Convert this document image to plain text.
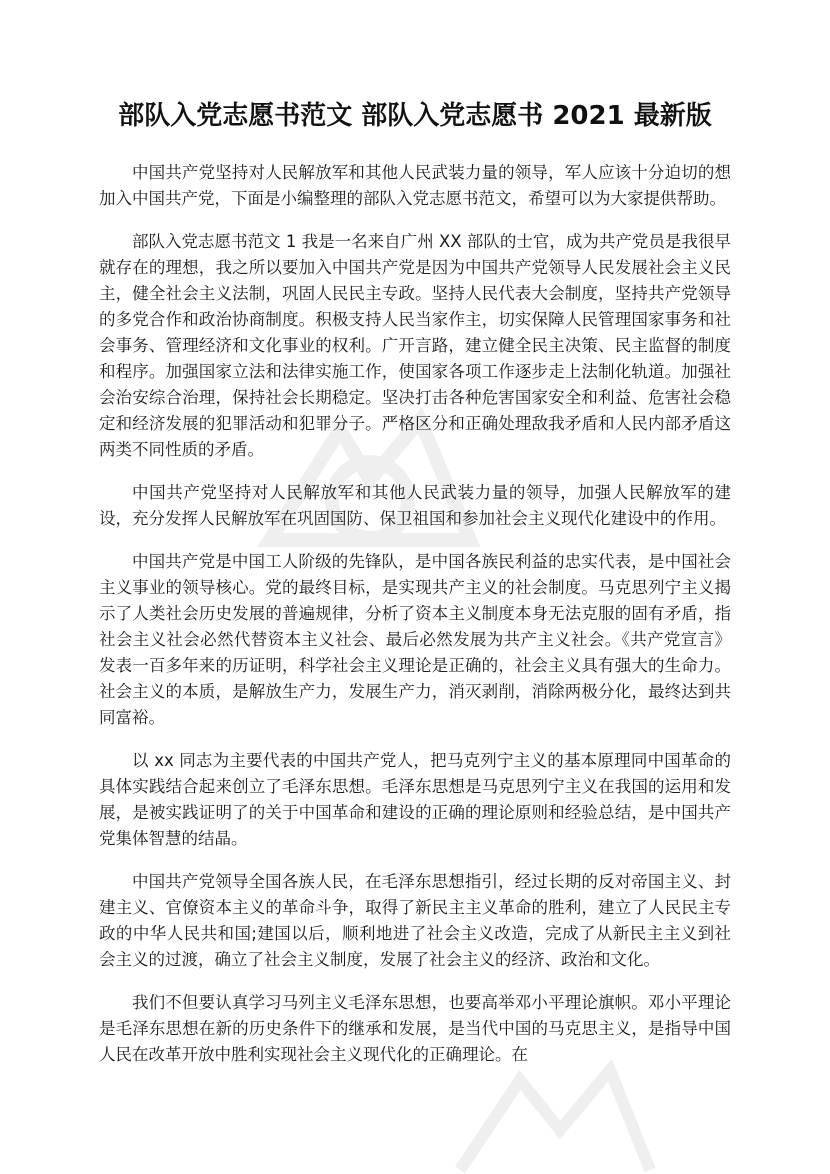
部队入党志愿书范文 部队入党志愿书 2021 最新版

中国共产党坚持对人民解放军和其他人民武装力量的领导，军人应该十分迫切的想加入中国共产党，下面是小编整理的部队入党志愿书范文，希望可以为大家提供帮助。

部队入党志愿书范文 1 我是一名来自广州 XX 部队的士官，成为共产党员是我很早就存在的理想，我之所以要加入中国共产党是因为中国共产党领导人民发展社会主义民主，健全社会主义法制，巩固人民民主专政。坚持人民代表大会制度，坚持共产党领导的多党合作和政治协商制度。积极支持人民当家作主，切实保障人民管理国家事务和社会事务、管理经济和文化事业的权利。广开言路，建立健全民主决策、民主监督的制度和程序。加强国家立法和法律实施工作，使国家各项工作逐步走上法制化轨道。加强社会治安综合治理，保持社会长期稳定。坚决打击各种危害国家安全和利益、危害社会稳定和经济发展的犯罪活动和犯罪分子。严格区分和正确处理敌我矛盾和人民内部矛盾这两类不同性质的矛盾。

中国共产党坚持对人民解放军和其他人民武装力量的领导，加强人民解放军的建设，充分发挥人民解放军在巩固国防、保卫祖国和参加社会主义现代化建设中的作用。

中国共产党是中国工人阶级的先锋队，是中国各族民利益的忠实代表，是中国社会主义事业的领导核心。党的最终目标，是实现共产主义的社会制度。马克思列宁主义揭示了人类社会历史发展的普遍规律，分析了资本主义制度本身无法克服的固有矛盾，指社会主义社会必然代替资本主义社会、最后必然发展为共产主义社会。《共产党宣言》发表一百多年来的历证明，科学社会主义理论是正确的，社会主义具有强大的生命力。社会主义的本质，是解放生产力，发展生产力，消灭剥削，消除两极分化，最终达到共同富裕。

以 xx 同志为主要代表的中国共产党人，把马克列宁主义的基本原理同中国革命的具体实践结合起来创立了毛泽东思想。毛泽东思想是马克思列宁主义在我国的运用和发展，是被实践证明了的关于中国革命和建设的正确的理论原则和经验总结，是中国共产党集体智慧的结晶。

中国共产党领导全国各族人民，在毛泽东思想指引，经过长期的反对帝国主义、封建主义、官僚资本主义的革命斗争，取得了新民主主义革命的胜利，建立了人民民主专政的中华人民共和国;建国以后，顺利地进了社会主义改造，完成了从新民主主义到社会主义的过渡，确立了社会主义制度，发展了社会主义的经济、政治和文化。

我们不但要认真学习马列主义毛泽东思想，也要高举邓小平理论旗帜。邓小平理论是毛泽东思想在新的历史条件下的继承和发展，是当代中国的马克思主义，是指导中国人民在改革开放中胜利实现社会主义现代化的正确理论。在
